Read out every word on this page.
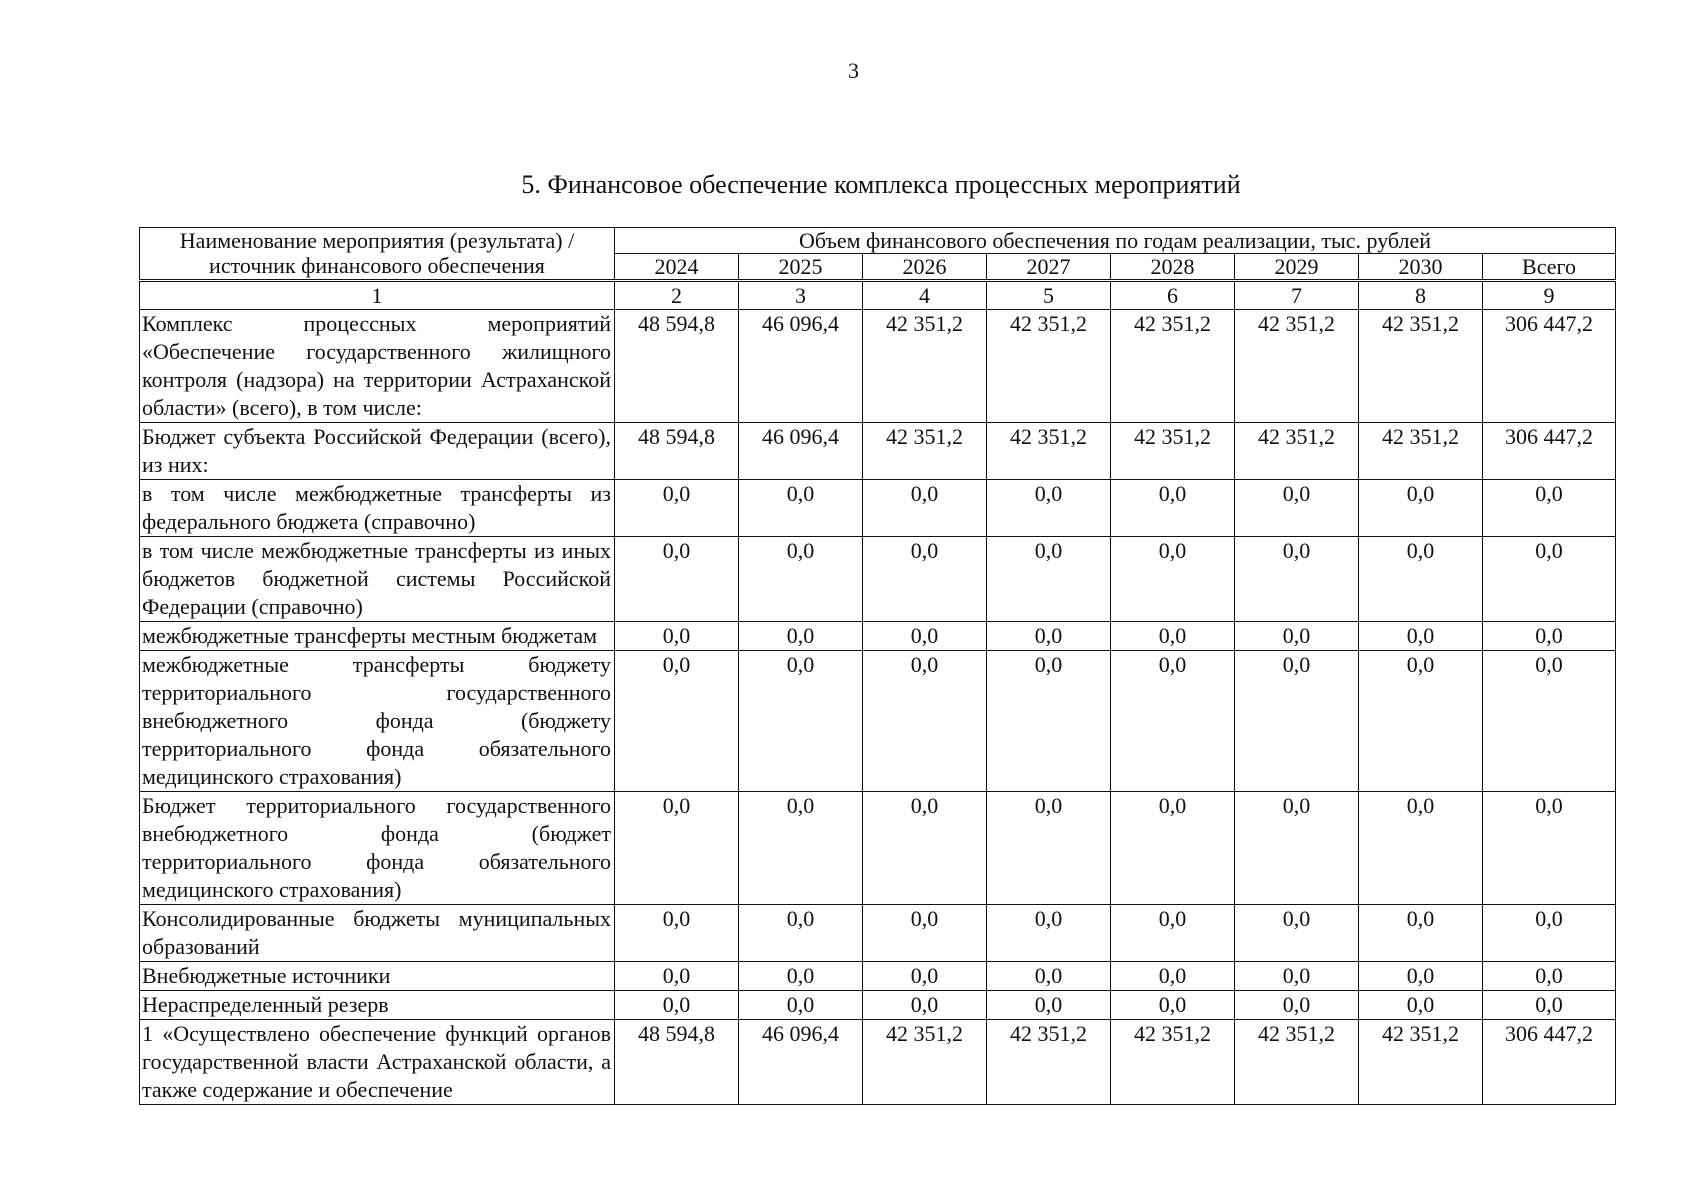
3
5. Финансовое обеспечение комплекса процессных мероприятий
Наименование мероприятия (результата) /
источник финансового обеспечения	Объем финансового обеспечения по годам реализации, тыс. рублей							
	2024	2025	2026	2027	2028	2029	2030	Всего
1	2	3	4	5	6	7	8	9
Комплекс процессных мероприятий «Обеспечение государственного жилищного контроля (надзора) на территории Астраханской области» (всего), в том числе:	48 594,8	46 096,4	42 351,2	42 351,2	42 351,2	42 351,2	42 351,2	306 447,2
Бюджет субъекта Российской Федерации (всего), из них:	48 594,8	46 096,4	42 351,2	42 351,2	42 351,2	42 351,2	42 351,2	306 447,2
в том числе межбюджетные трансферты из федерального бюджета (справочно)	0,0	0,0	0,0	0,0	0,0	0,0	0,0	0,0
в том числе межбюджетные трансферты из иных бюджетов бюджетной системы Российской Федерации (справочно)	0,0	0,0	0,0	0,0	0,0	0,0	0,0	0,0
межбюджетные трансферты местным бюджетам	0,0	0,0	0,0	0,0	0,0	0,0	0,0	0,0
межбюджетные трансферты бюджету территориального государственного внебюджетного фонда (бюджету территориального фонда обязательного медицинского страхования)	0,0	0,0	0,0	0,0	0,0	0,0	0,0	0,0
Бюджет территориального государственного внебюджетного фонда (бюджет территориального фонда обязательного медицинского страхования)	0,0	0,0	0,0	0,0	0,0	0,0	0,0	0,0
Консолидированные бюджеты муниципальных образований	0,0	0,0	0,0	0,0	0,0	0,0	0,0	0,0
Внебюджетные источники	0,0	0,0	0,0	0,0	0,0	0,0	0,0	0,0
Нераспределенный резерв	0,0	0,0	0,0	0,0	0,0	0,0	0,0	0,0
1 «Осуществлено обеспечение функций органов государственной власти Астраханской области, а также содержание и обеспечение	48 594,8	46 096,4	42 351,2	42 351,2	42 351,2	42 351,2	42 351,2	306 447,2
